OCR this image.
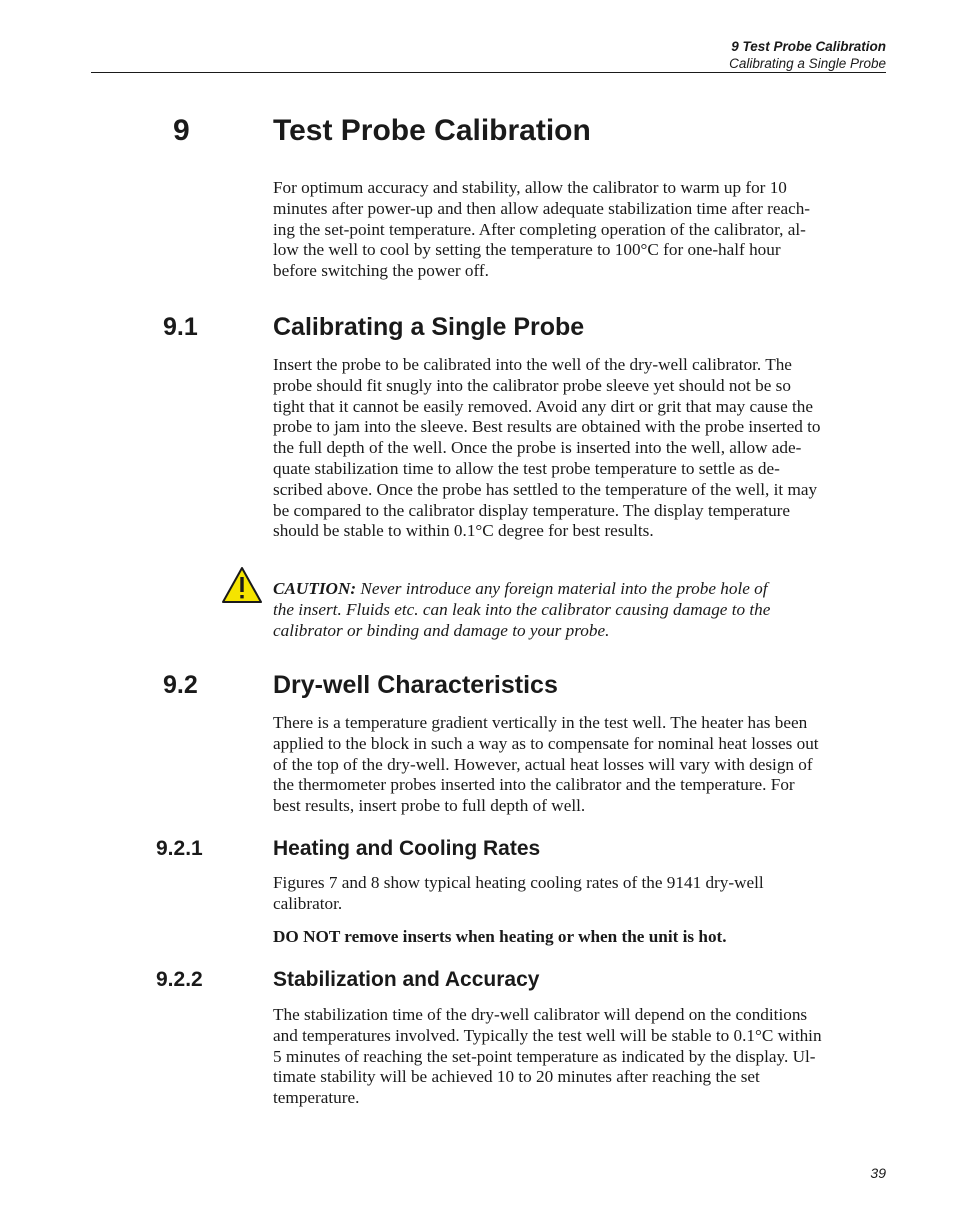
9 Test Probe Calibration
Calibrating a Single Probe
9	Test Probe Calibration
For optimum accuracy and stability, allow the calibrator to warm up for 10
minutes after power-up and then allow adequate stabilization time after reach-
ing the set-point temperature. After completing operation of the calibrator, al-
low the well to cool by setting the temperature to 100°C for one-half hour
before switching the power off.
9.1	Calibrating a Single Probe
Insert the probe to be calibrated into the well of the dry-well calibrator. The
probe should fit snugly into the calibrator probe sleeve yet should not be so
tight that it cannot be easily removed. Avoid any dirt or grit that may cause the
probe to jam into the sleeve. Best results are obtained with the probe inserted to
the full depth of the well. Once the probe is inserted into the well, allow ade-
quate stabilization time to allow the test probe temperature to settle as de-
scribed above. Once the probe has settled to the temperature of the well, it may
be compared to the calibrator display temperature. The display temperature
should be stable to within 0.1°C degree for best results.
CAUTION: Never introduce any foreign material into the probe hole of
the insert. Fluids etc. can leak into the calibrator causing damage to the
calibrator or binding and damage to your probe.
9.2	Dry-well Characteristics
There is a temperature gradient vertically in the test well. The heater has been
applied to the block in such a way as to compensate for nominal heat losses out
of the top of the dry-well. However, actual heat losses will vary with design of
the thermometer probes inserted into the calibrator and the temperature. For
best results, insert probe to full depth of well.
9.2.1	Heating and Cooling Rates
Figures 7 and 8 show typical heating cooling rates of the 9141 dry-well
calibrator.
DO NOT remove inserts when heating or when the unit is hot.
9.2.2	Stabilization and Accuracy
The stabilization time of the dry-well calibrator will depend on the conditions
and temperatures involved. Typically the test well will be stable to 0.1°C within
5 minutes of reaching the set-point temperature as indicated by the display. Ul-
timate stability will be achieved 10 to 20 minutes after reaching the set
temperature.
39
